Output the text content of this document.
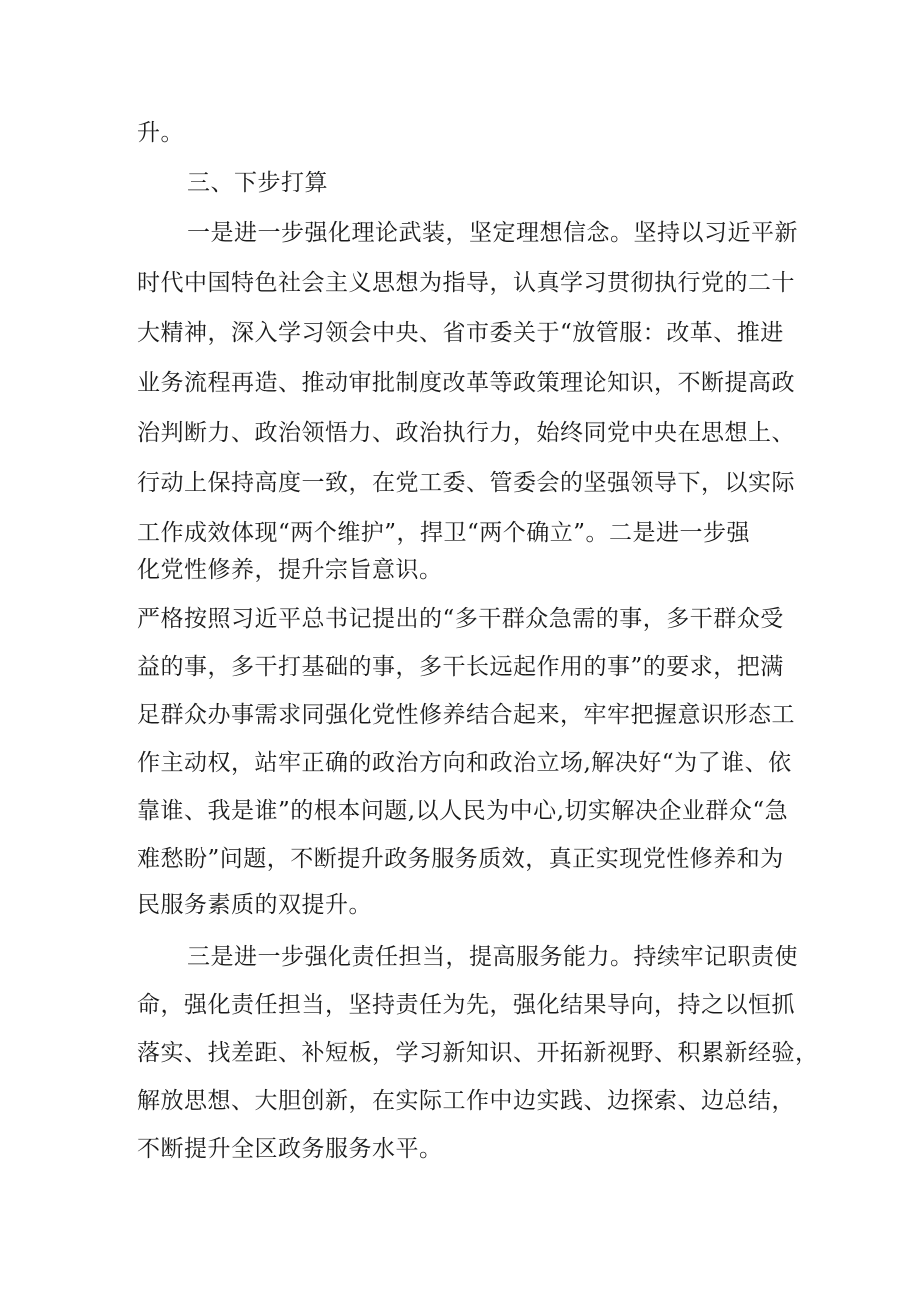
升。
三、下步打算
一是进一步强化理论武装，坚定理想信念。坚持以习近平新
时代中国特色社会主义思想为指导，认真学习贯彻执行党的二十
大精神，深入学习领会中央、省市委关于“放管服：改革、推进
业务流程再造、推动审批制度改革等政策理论知识，不断提高政
治判断力、政治领悟力、政治执行力，始终同党中央在思想上、
行动上保持高度一致，在党工委、管委会的坚强领导下，以实际
工作成效体现“两个维护”，捍卫“两个确立”。二是进一步强
化党性修养，提升宗旨意识。
严格按照习近平总书记提出的“多干群众急需的事，多干群众受
益的事，多干打基础的事，多干长远起作用的事”的要求，把满
足群众办事需求同强化党性修养结合起来，牢牢把握意识形态工
作主动权，站牢正确的政治方向和政治立场,解决好“为了谁、依
靠谁、我是谁”的根本问题,以人民为中心,切实解决企业群众“急
难愁盼”问题，不断提升政务服务质效，真正实现党性修养和为
民服务素质的双提升。
三是进一步强化责任担当，提高服务能力。持续牢记职责使
命，强化责任担当，坚持责任为先，强化结果导向，持之以恒抓
落实、找差距、补短板，学习新知识、开拓新视野、积累新经验，
解放思想、大胆创新，在实际工作中边实践、边探索、边总结，
不断提升全区政务服务水平。
